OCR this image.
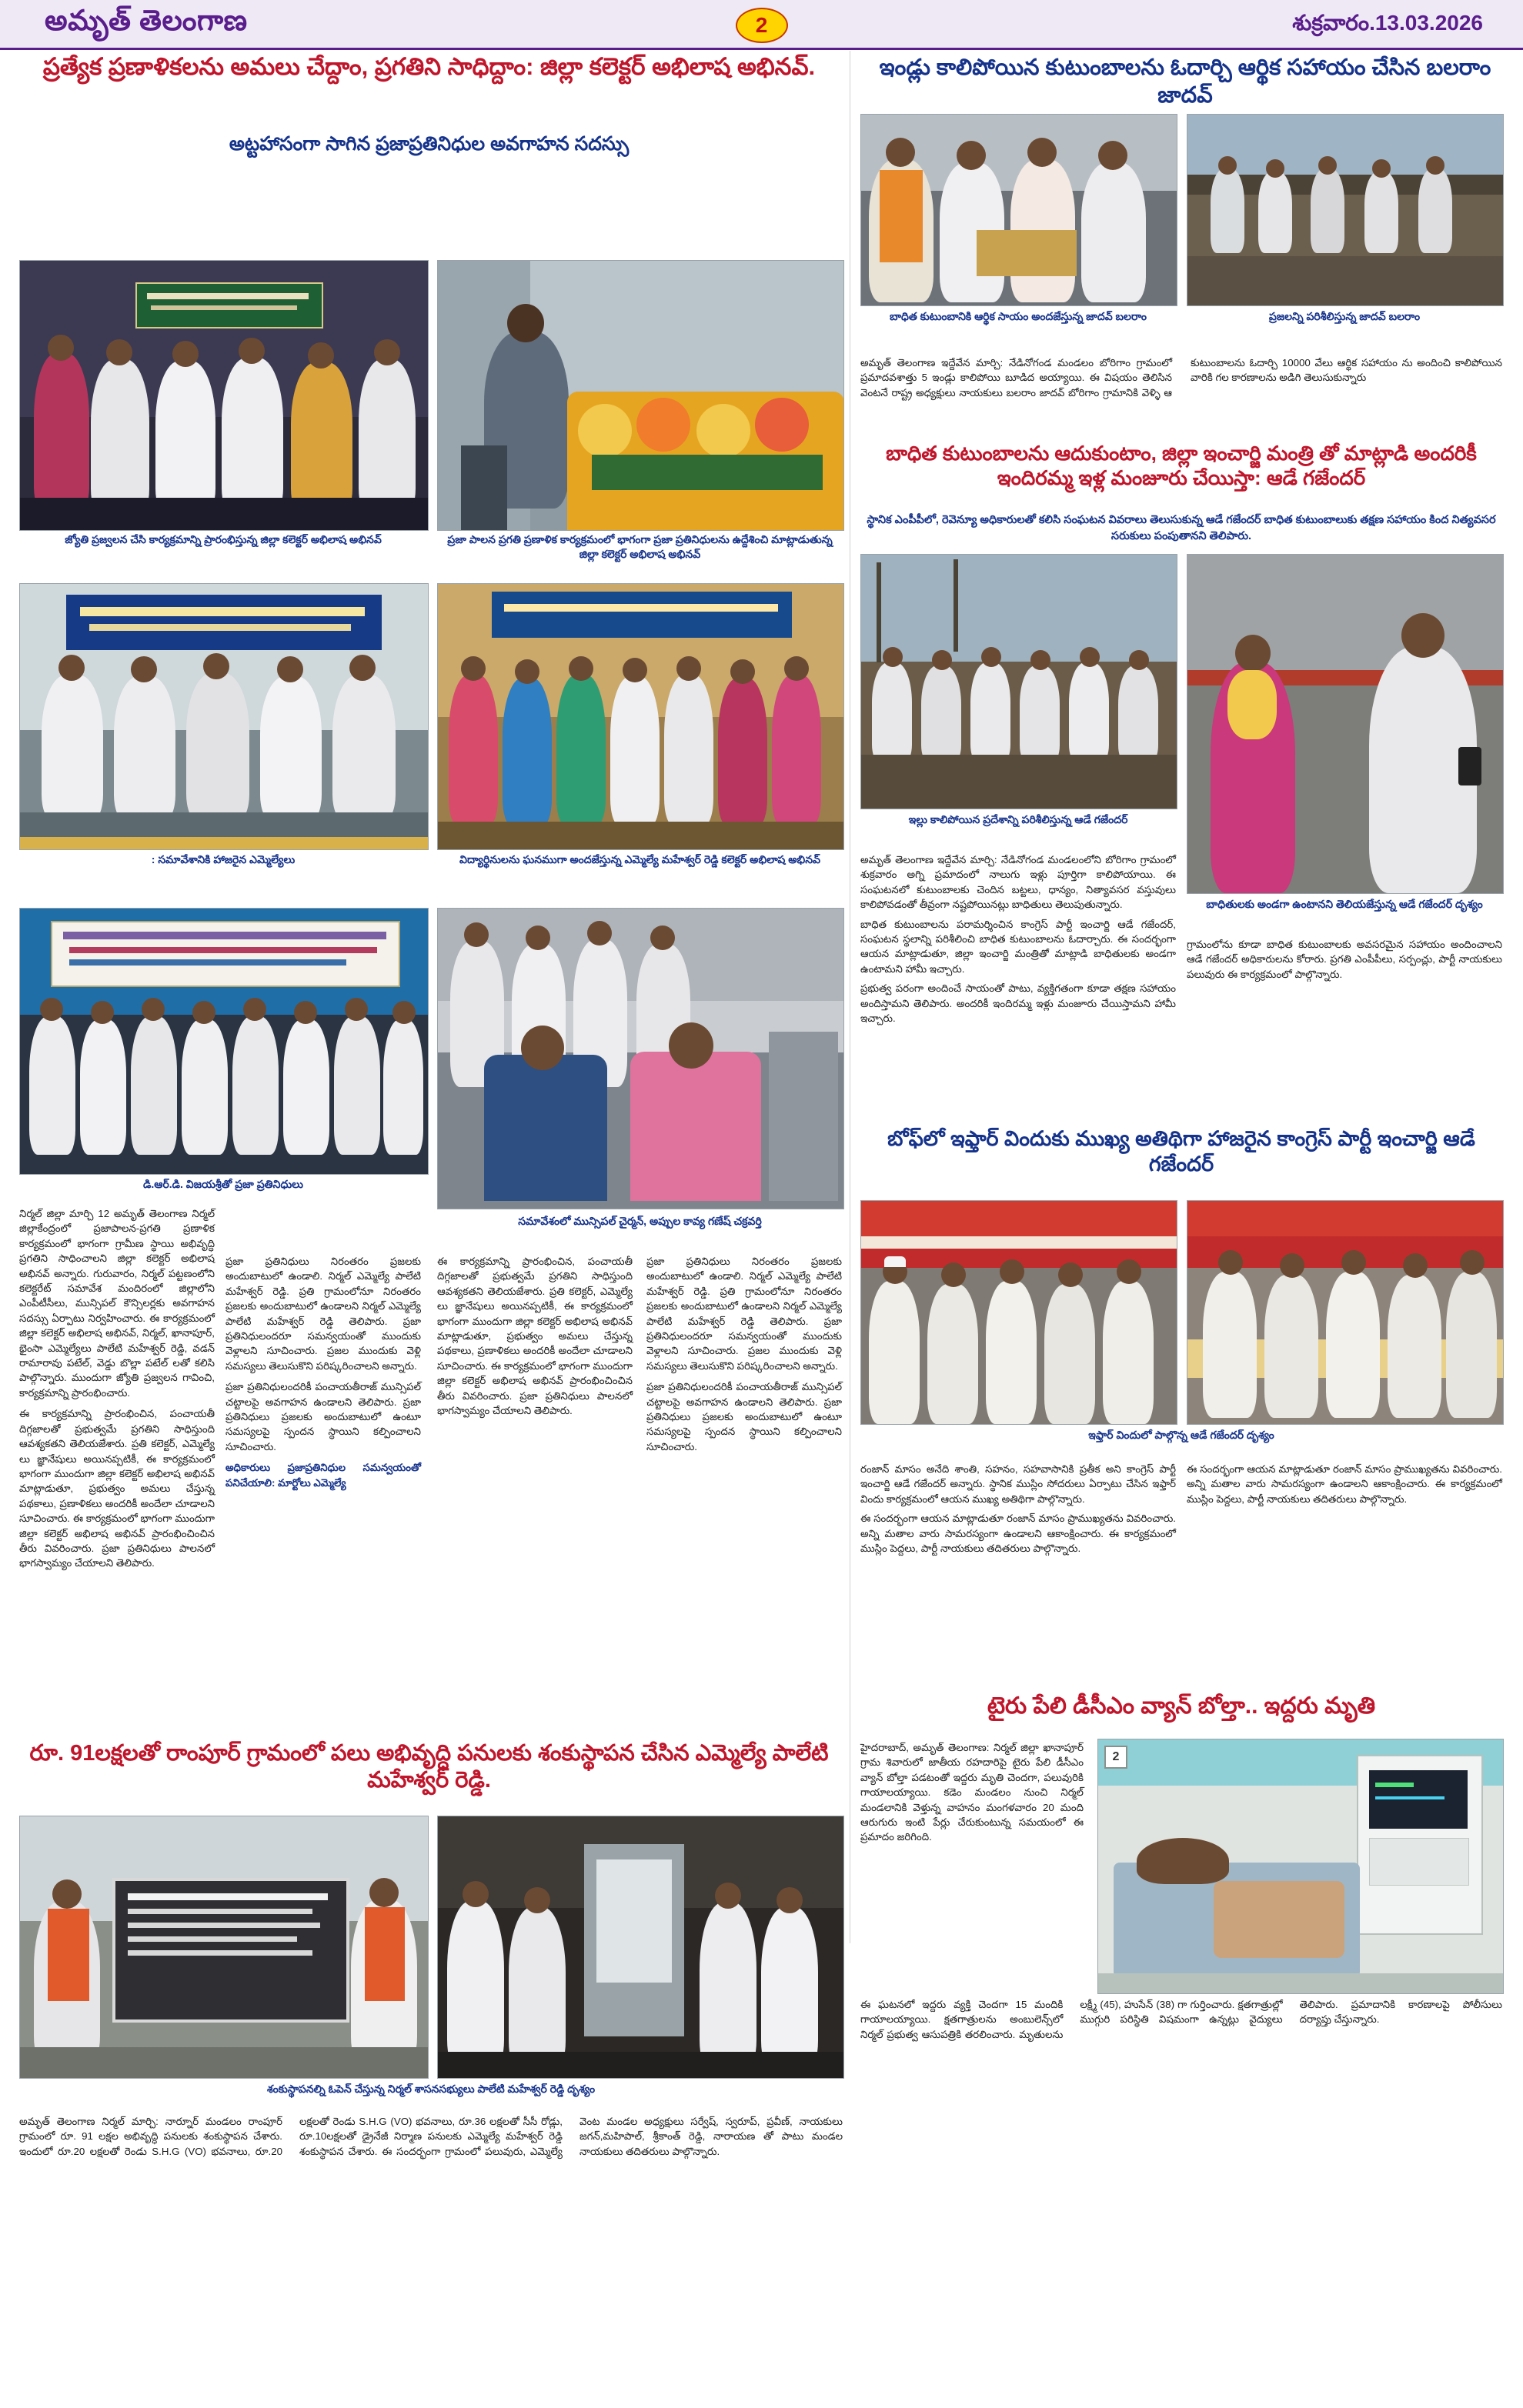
అమృత్ తెలంగాణ	2	శుక్రవారం.13.03.2026
ప్రత్యేక ప్రణాళికలను అమలు చేద్దాం, ప్రగతిని సాధిద్దాం: జిల్లా కలెక్టర్ అభిలాష అభినవ్.
అట్టహాసంగా సాగిన ప్రజాప్రతినిధుల అవగాహన సదస్సు
జ్యోతి ప్రజ్వలన చేసి కార్యక్రమాన్ని ప్రారంభిస్తున్న జిల్లా కలెక్టర్ అభిలాష అభినవ్	ప్రజా పాలన ప్రగతి ప్రణాళిక కార్యక్రమంలో భాగంగా ప్రజా ప్రతినిధులను ఉద్దేశించి మాట్లాడుతున్న జిల్లా కలెక్టర్ అభిలాష అభినవ్
: సమావేశానికి హాజరైన ఎమ్మెల్యేలు	విద్యార్థినులను ఘనముగా అందజేస్తున్న ఎమ్మెల్యే మహేశ్వర్ రెడ్డి కలెక్టర్ అభిలాష అభినవ్
డి.ఆర్.డి. విజయశ్రీతో ప్రజా ప్రతినిధులు
సమావేశంలో మున్సిపల్ చైర్మన్, అప్పుల కావ్య గణేష్ చక్రవర్తి
నిర్మల్ జిల్లా మార్చి 12 అమృత్ తెలంగాణ నిర్మల్ జిల్లాకేంద్రంలో ప్రజాపాలన-ప్రగతి ప్రణాళిక కార్యక్రమంలో భాగంగా గ్రామీణ స్థాయి అభివృద్ధి ప్రగతిని సాధించాలని జిల్లా కలెక్టర్ అభిలాష అభినవ్ అన్నారు. గురువారం, నిర్మల్ పట్టణంలోని కలెక్టరేట్ సమావేశ మందిరంలో జిల్లాలోని ఎంపీటీసీలు, మున్సిపల్ కౌన్సిలర్లకు అవగాహన సదస్సు ఏర్పాటు నిర్వహించారు. ఈ కార్యక్రమంలో జిల్లా కలెక్టర్ అభిలాష అభినవ్, నిర్మల్, ఖానాపూర్, భైంసా ఎమ్మెల్యేలు పాలేటి మహేశ్వర్ రెడ్డి, వడన్ రామారావు పటేల్, వెడ్డు బొల్లా పటేల్ లతో కలిసి పాల్గొన్నారు. ముందుగా జ్యోతి ప్రజ్వలన గావించి, కార్యక్రమాన్ని ప్రారంభించారు.
ఈ కార్యక్రమాన్ని ప్రారంభించిన, పంచాయతీ దిగ్గజాలతో ప్రభుత్వమే ప్రగతిని సాధిస్తుంది ఆవశ్యకతని తెలియజేశారు. ప్రతి కలెక్టర్, ఎమ్మెల్యే లు జ్ఞానేషులు అయినప్పటికీ, ఈ కార్యక్రమంలో భాగంగా ముందుగా జిల్లా కలెక్టర్ అభిలాష అభినవ్ మాట్లాడుతూ, ప్రభుత్వం అమలు చేస్తున్న పథకాలు, ప్రణాళికలు అందరికీ అందేలా చూడాలని సూచించారు. ఈ కార్యక్రమంలో భాగంగా ముందుగా జిల్లా కలెక్టర్ అభిలాష అభినవ్ ప్రారంభించించిన తీరు వివరించారు. ప్రజా ప్రతినిధులు పాలనలో భాగస్వామ్యం చేయాలని తెలిపారు.
ప్రజా ప్రతినిధులు నిరంతరం ప్రజలకు అందుబాటులో ఉండాలి. నిర్మల్ ఎమ్మెల్యే పాలేటి మహేశ్వర్ రెడ్డి. ప్రతి గ్రామంలోనూ నిరంతరం ప్రజలకు అందుబాటులో ఉండాలని నిర్మల్ ఎమ్మెల్యే పాలేటి మహేశ్వర్ రెడ్డి తెలిపారు. ప్రజా ప్రతినిధులందరూ సమన్వయంతో ముందుకు వెళ్లాలని సూచించారు. ప్రజల ముందుకు వెళ్లి సమస్యలు తెలుసుకొని పరిష్కరించాలని అన్నారు.
ప్రజా ప్రతినిధులందరికీ పంచాయతీరాజ్ మున్సిపల్ చట్టాలపై అవగాహన ఉండాలని తెలిపారు. ప్రజా ప్రతినిధులు ప్రజలకు అందుబాటులో ఉంటూ సమస్యలపై స్పందన స్థాయిని కల్పించాలని సూచించారు.
అధికారులు ప్రజాప్రతినిధుల సమన్వయంతో పనిచేయాలి: మార్టోలు ఎమ్మెల్యే
ఈ కార్యక్రమాన్ని ప్రారంభించిన, పంచాయతీ దిగ్గజాలతో ప్రభుత్వమే ప్రగతిని సాధిస్తుంది ఆవశ్యకతని తెలియజేశారు. ప్రతి కలెక్టర్, ఎమ్మెల్యే లు జ్ఞానేషులు అయినప్పటికీ, ఈ కార్యక్రమంలో భాగంగా ముందుగా జిల్లా కలెక్టర్ అభిలాష అభినవ్ మాట్లాడుతూ, ప్రభుత్వం అమలు చేస్తున్న పథకాలు, ప్రణాళికలు అందరికీ అందేలా చూడాలని సూచించారు. ఈ కార్యక్రమంలో భాగంగా ముందుగా జిల్లా కలెక్టర్ అభిలాష అభినవ్ ప్రారంభించించిన తీరు వివరించారు. ప్రజా ప్రతినిధులు పాలనలో భాగస్వామ్యం చేయాలని తెలిపారు.
ప్రజా ప్రతినిధులు నిరంతరం ప్రజలకు అందుబాటులో ఉండాలి. నిర్మల్ ఎమ్మెల్యే పాలేటి మహేశ్వర్ రెడ్డి. ప్రతి గ్రామంలోనూ నిరంతరం ప్రజలకు అందుబాటులో ఉండాలని నిర్మల్ ఎమ్మెల్యే పాలేటి మహేశ్వర్ రెడ్డి తెలిపారు. ప్రజా ప్రతినిధులందరూ సమన్వయంతో ముందుకు వెళ్లాలని సూచించారు. ప్రజల ముందుకు వెళ్లి సమస్యలు తెలుసుకొని పరిష్కరించాలని అన్నారు.
ప్రజా ప్రతినిధులందరికీ పంచాయతీరాజ్ మున్సిపల్ చట్టాలపై అవగాహన ఉండాలని తెలిపారు. ప్రజా ప్రతినిధులు ప్రజలకు అందుబాటులో ఉంటూ సమస్యలపై స్పందన స్థాయిని కల్పించాలని సూచించారు.
రూ. 91లక్షలతో రాంపూర్ గ్రామంలో పలు అభివృద్ధి పనులకు శంకుస్థాపన చేసిన ఎమ్మెల్యే పాలేటి మహేశ్వర్ రెడ్డి.
శంకుస్థాపనల్ని ఓపెన్ చేస్తున్న నిర్మల్ శాసనసభ్యులు పాలేటి మహేశ్వర్ రెడ్డి దృశ్యం
అమృత్ తెలంగాణ నిర్మల్ మార్చి: నార్నూర్ మండలం రాంపూర్ గ్రామంలో రూ. 91 లక్షల అభివృద్ధి పనులకు శంకుస్థాపన చేశారు. ఇందులో రూ.20 లక్షలతో రెండు S.H.G (VO) భవనాలు, రూ.20 లక్షలతో రెండు S.H.G (VO) భవనాలు, రూ.36 లక్షలతో సీసీ రోడ్లు, రూ.10లక్షలతో డ్రైనేజీ నిర్మాణ పనులకు ఎమ్మెల్యే మహేశ్వర్ రెడ్డి శంకుస్థాపన చేశారు. ఈ సందర్భంగా గ్రామంలో పలువురు, ఎమ్మెల్యే వెంట మండల అధ్యక్షులు సర్వేష్, స్వరూప్, ప్రవీణ్, నాయకులు జగన్,మహిపాల్, శ్రీకాంత్ రెడ్డి, నారాయణ తో పాటు మండల నాయకులు తదితరులు పాల్గొన్నారు.
ఇండ్లు కాలిపోయిన కుటుంబాలను ఓదార్చి ఆర్థిక సహాయం చేసిన బలరాం జాదవ్
బాధిత కుటుంబానికి ఆర్థిక సాయం అందజేస్తున్న జాదవ్ బలరాం	ప్రజలన్ని పరిశీలిస్తున్న జాదవ్ బలరాం
అమృత్ తెలంగాణ ఇద్దేవేన మార్చి: నేడినోగండ మండలం బోరిగాం గ్రామంలో ప్రమాదవశాత్తు 5 ఇండ్లు కాలిపోయి బూడిద అయ్యాయి. ఈ విషయం తెలిసిన వెంటనే రాష్ట్ర అధ్యక్షులు నాయకులు బలరాం జాదవ్ బోరిగాం గ్రామానికి వెళ్ళి ఆ కుటుంబాలను ఓదార్చి 10000 వేలు ఆర్థిక సహాయం ను అందించి కాలిపోయిన వారికి గల కారణాలను అడిగి తెలుసుకున్నారు
బాధిత కుటుంబాలను ఆదుకుంటాం, జిల్లా ఇంచార్జి మంత్రి తో మాట్లాడి అందరికీ ఇందిరమ్మ ఇళ్ల మంజూరు చేయిస్తా: ఆడే గజేందర్
స్థానిక ఎంపీపీలో, రెవెన్యూ అధికారులతో కలిసి సంఘటన వివరాలు తెలుసుకున్న ఆడే గజేందర్ బాధిత కుటుంబాలుకు తక్షణ సహాయం కింద నిత్యవసర సరుకులు పంపుతానని తెలిపారు.
ఇల్లు కాలిపోయిన ప్రదేశాన్ని పరిశీలిస్తున్న ఆడే గజేందర్
బాధితులకు అండగా ఉంటానని తెలియజేస్తున్న ఆడే గజేందర్ దృశ్యం
అమృత్ తెలంగాణ ఇద్దేవేన మార్చి: నేడినోగండ మండలంలోని బోరిగాం గ్రామంలో శుక్రవారం అగ్ని ప్రమాదంలో నాలుగు ఇళ్లు పూర్తిగా కాలిపోయాయి. ఈ సంఘటనలో కుటుంబాలకు చెందిన బట్టలు, ధాన్యం, నిత్యావసర వస్తువులు కాలిపోవడంతో తీవ్రంగా నష్టపోయినట్లు బాధితులు తెలుపుతున్నారు.
బాధిత కుటుంబాలను పరామర్శించిన కాంగ్రెస్ పార్టీ ఇంచార్జి ఆడే గజేందర్, సంఘటన స్థలాన్ని పరిశీలించి బాధిత కుటుంబాలను ఓదార్చారు. ఈ సందర్భంగా ఆయన మాట్లాడుతూ, జిల్లా ఇంచార్జి మంత్రితో మాట్లాడి బాధితులకు అండగా ఉంటామని హామీ ఇచ్చారు.
ప్రభుత్వ పరంగా అందించే సాయంతో పాటు, వ్యక్తిగతంగా కూడా తక్షణ సహాయం అందిస్తామని తెలిపారు. అందరికీ ఇందిరమ్మ ఇళ్లు మంజూరు చేయిస్తామని హామీ ఇచ్చారు.
గ్రామంలోను కూడా బాధిత కుటుంబాలకు అవసరమైన సహాయం అందించాలని ఆడే గజేందర్ అధికారులను కోరారు. ప్రగతి ఎంపీపీలు, సర్పంచ్లు, పార్టీ నాయకులు పలువురు ఈ కార్యక్రమంలో పాల్గొన్నారు.
బోఫ్‌లో ఇఫ్తార్ విందుకు ముఖ్య అతిథిగా హాజరైన కాంగ్రెస్ పార్టీ ఇంచార్జి ఆడే గజేందర్
ఇఫ్తార్ విందులో పాల్గొన్న ఆడే గజేందర్ దృశ్యం
రంజాన్ మాసం అనేది శాంతి, సహనం, సహవాసానికి ప్రతీక అని కాంగ్రెస్ పార్టీ ఇంచార్జి ఆడే గజేందర్ అన్నారు. స్థానిక ముస్లిం సోదరులు ఏర్పాటు చేసిన ఇఫ్తార్ విందు కార్యక్రమంలో ఆయన ముఖ్య అతిథిగా పాల్గొన్నారు.
ఈ సందర్భంగా ఆయన మాట్లాడుతూ రంజాన్ మాసం ప్రాముఖ్యతను వివరించారు. అన్ని మతాల వారు సామరస్యంగా ఉండాలని ఆకాంక్షించారు. ఈ కార్యక్రమంలో ముస్లిం పెద్దలు, పార్టీ నాయకులు తదితరులు పాల్గొన్నారు.
ఈ సందర్భంగా ఆయన మాట్లాడుతూ రంజాన్ మాసం ప్రాముఖ్యతను వివరించారు. అన్ని మతాల వారు సామరస్యంగా ఉండాలని ఆకాంక్షించారు. ఈ కార్యక్రమంలో ముస్లిం పెద్దలు, పార్టీ నాయకులు తదితరులు పాల్గొన్నారు.
టైరు పేలి డీసీఎం వ్యాన్ బోల్తా.. ఇద్దరు మృతి
హైదరాబాద్, అమృత్ తెలంగాణ: నిర్మల్ జిల్లా ఖానాపూర్ గ్రామ శివారులో జాతీయ రహదారిపై టైరు పేలి డీసీఎం వ్యాన్ బోల్తా పడటంతో ఇద్దరు మృతి చెందగా, పలువురికి గాయాలయ్యాయి. కడెం మండలం నుంచి నిర్మల్ మండలానికి వెళ్తున్న వాహనం మంగళవారం 20 మంది ఆరుగురు ఇంటి పేర్లు చేరుకుంటున్న సమయంలో ఈ ప్రమాదం జరిగింది.
2
ఈ ఘటనలో ఇద్దరు వ్యక్తి చెందగా 15 మందికి గాయాలయ్యాయి. క్షతగాత్రులను అంబులెన్స్‌లో నిర్మల్ ప్రభుత్వ ఆసుపత్రికి తరలించారు. మృతులను లక్ష్మీ (45), హుసేన్ (38) గా గుర్తించారు. క్షతగాత్రుల్లో ముగ్గురి పరిస్థితి విషమంగా ఉన్నట్లు వైద్యులు తెలిపారు. ప్రమాదానికి కారణాలపై పోలీసులు దర్యాప్తు చేస్తున్నారు.
